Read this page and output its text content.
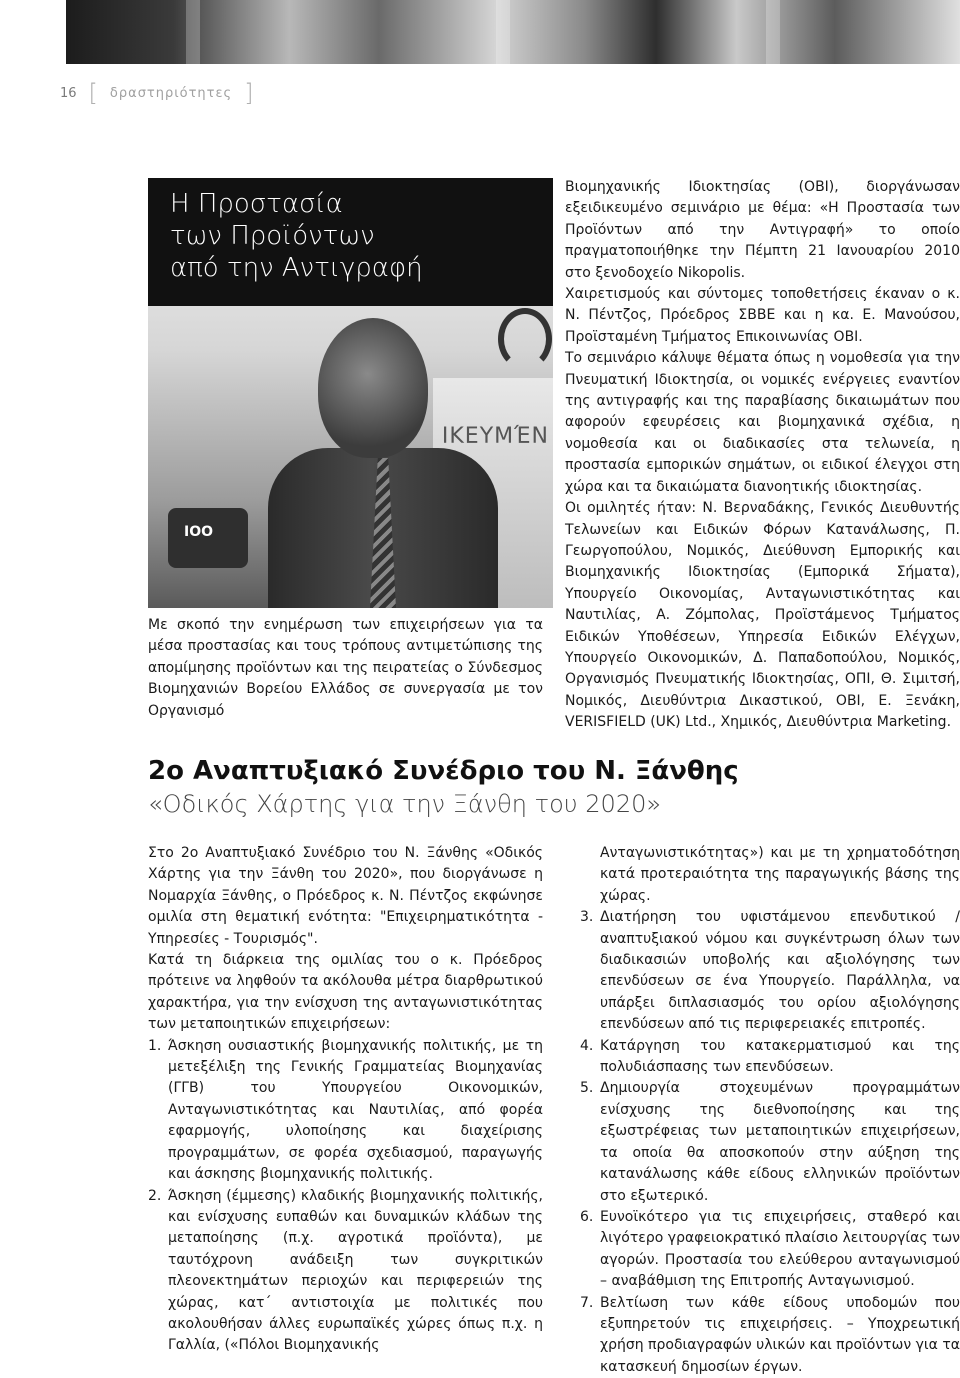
16 [ δραστηριότητες ]
ΙΚΕΥΜΈΝ
ΙΟΟ
Η Προστασία
των Προϊόντων
από την Αντιγραφή

Με σκοπό την ενημέρωση των επιχειρήσεων για τα μέσα προστασίας και τους τρόπους αντιμετώπισης της απομίμησης προϊόντων και της πειρατείας ο Σύνδεσμος Βιομηχανιών Βορείου Ελλάδος σε συνεργασία με τον Οργανισμό

Βιομηχανικής Ιδιοκτησίας (ΟΒΙ), διοργάνωσαν εξειδικευμένο σεμινάριο με θέμα: «Η Προστασία των Προϊόντων από την Αντιγραφή» το οποίο πραγματοποιήθηκε την Πέμπτη 21 Ιανουαρίου 2010 στο ξενοδοχείο Nikopolis.

Χαιρετισμούς και σύντομες τοποθετήσεις έκαναν ο κ. Ν. Πέντζος, Πρόεδρος ΣΒΒΕ και η κα. Ε. Μανούσου, Προϊσταμένη Τμήματος Επικοινωνίας ΟΒΙ.

Το σεμινάριο κάλυψε θέματα όπως η νομοθεσία για την Πνευματική Ιδιοκτησία, οι νομικές ενέργειες εναντίον της αντιγραφής και της παραβίασης δικαιωμάτων που αφορούν εφευρέσεις και βιομηχανικά σχέδια, η νομοθεσία και οι διαδικασίες στα τελωνεία, η προστασία εμπορικών σημάτων, οι ειδικοί έλεγχοι στη χώρα και τα δικαιώματα διανοητικής ιδιοκτησίας.

Οι ομιλητές ήταν: Ν. Βερναδάκης, Γενικός Διευθυντής Τελωνείων και Ειδικών Φόρων Κατανάλωσης, Π. Γεωργοπούλου, Νομικός, Διεύθυνση Εμπορικής και Βιομηχανικής Ιδιοκτησίας (Εμπορικά Σήματα), Υπουργείο Οικονομίας, Ανταγωνιστικότητας και Ναυτιλίας, Α. Ζόμπολας, Προϊστάμενος Τμήματος Ειδικών Υποθέσεων, Υπηρεσία Ειδικών Ελέγχων, Υπουργείο Οικονομικών, Δ. Παπαδοπούλου, Νομικός, Οργανισμός Πνευματικής Ιδιοκτησίας, ΟΠΙ, Θ. Σιμιτσή, Νομικός, Διευθύντρια Δικαστικού, ΟΒΙ, Ε. Ξενάκη, VERISFIELD (UK) Ltd., Χημικός, Διευθύντρια Marketing.

2ο Αναπτυξιακό Συνέδριο του Ν. Ξάνθης
«Οδικός Χάρτης για την Ξάνθη του 2020»

Στο 2ο Αναπτυξιακό Συνέδριο του Ν. Ξάνθης «Οδικός Χάρτης για την Ξάνθη του 2020», που διοργάνωσε η Νομαρχία Ξάνθης, ο Πρόεδρος κ. Ν. Πέντζος εκφώνησε ομιλία στη θεματική ενότητα: "Επιχειρηματικότητα - Υπηρεσίες - Τουρισμός".

Κατά τη διάρκεια της ομιλίας του ο κ. Πρόεδρος πρότεινε να ληφθούν τα ακόλουθα μέτρα διαρθρωτικού χαρακτήρα, για την ενίσχυση της ανταγωνιστικότητας των μεταποιητικών επιχειρήσεων:

1. Άσκηση ουσιαστικής βιομηχανικής πολιτικής, με τη μετεξέλιξη της Γενικής Γραμματείας Βιομηχανίας (ΓΓΒ) του Υπουργείου Οικονομικών, Ανταγωνιστικότητας και Ναυτιλίας, από φορέα εφαρμογής, υλοποίησης και διαχείρισης προγραμμάτων, σε φορέα σχεδιασμού, παραγωγής και άσκησης βιομηχανικής πολιτικής.
2. Άσκηση (έμμεσης) κλαδικής βιομηχανικής πολιτικής, και ενίσχυσης ευπαθών και δυναμικών κλάδων της μεταποίησης (π.χ. αγροτικά προϊόντα), με ταυτόχρονη ανάδειξη των συγκριτικών πλεονεκτημάτων περιοχών και περιφερειών της χώρας, κατ΄ αντιστοιχία με πολιτικές που ακολουθήσαν άλλες ευρωπαϊκές χώρες όπως π.χ. η Γαλλία, («Πόλοι Βιομηχανικής

Ανταγωνιστικότητας») και με τη χρηματοδότηση κατά προτεραιότητα της παραγωγικής βάσης της χώρας.

3. Διατήρηση του υφιστάμενου επενδυτικού / αναπτυξιακού νόμου και συγκέντρωση όλων των διαδικασιών υποβολής και αξιολόγησης των επενδύσεων σε ένα Υπουργείο. Παράλληλα, να υπάρξει διπλασιασμός του ορίου αξιολόγησης επενδύσεων από τις περιφερειακές επιτροπές.
4. Κατάργηση του κατακερματισμού και της πολυδιάσπασης των επενδύσεων.
5. Δημιουργία στοχευμένων προγραμμάτων ενίσχυσης της διεθνοποίησης και της εξωστρέφειας των μεταποιητικών επιχειρήσεων, τα οποία θα αποσκοπούν στην αύξηση της κατανάλωσης κάθε είδους ελληνικών προϊόντων στο εξωτερικό.
6. Ευνοϊκότερο για τις επιχειρήσεις, σταθερό και λιγότερο γραφειοκρατικό πλαίσιο λειτουργίας των αγορών. Προστασία του ελεύθερου ανταγωνισμού – αναβάθμιση της Επιτροπής Ανταγωνισμού.
7. Βελτίωση των κάθε είδους υποδομών που εξυπηρετούν τις επιχειρήσεις. – Υποχρεωτική χρήση προδιαγραφών υλικών και προϊόντων για τα κατασκευή δημοσίων έργων.
